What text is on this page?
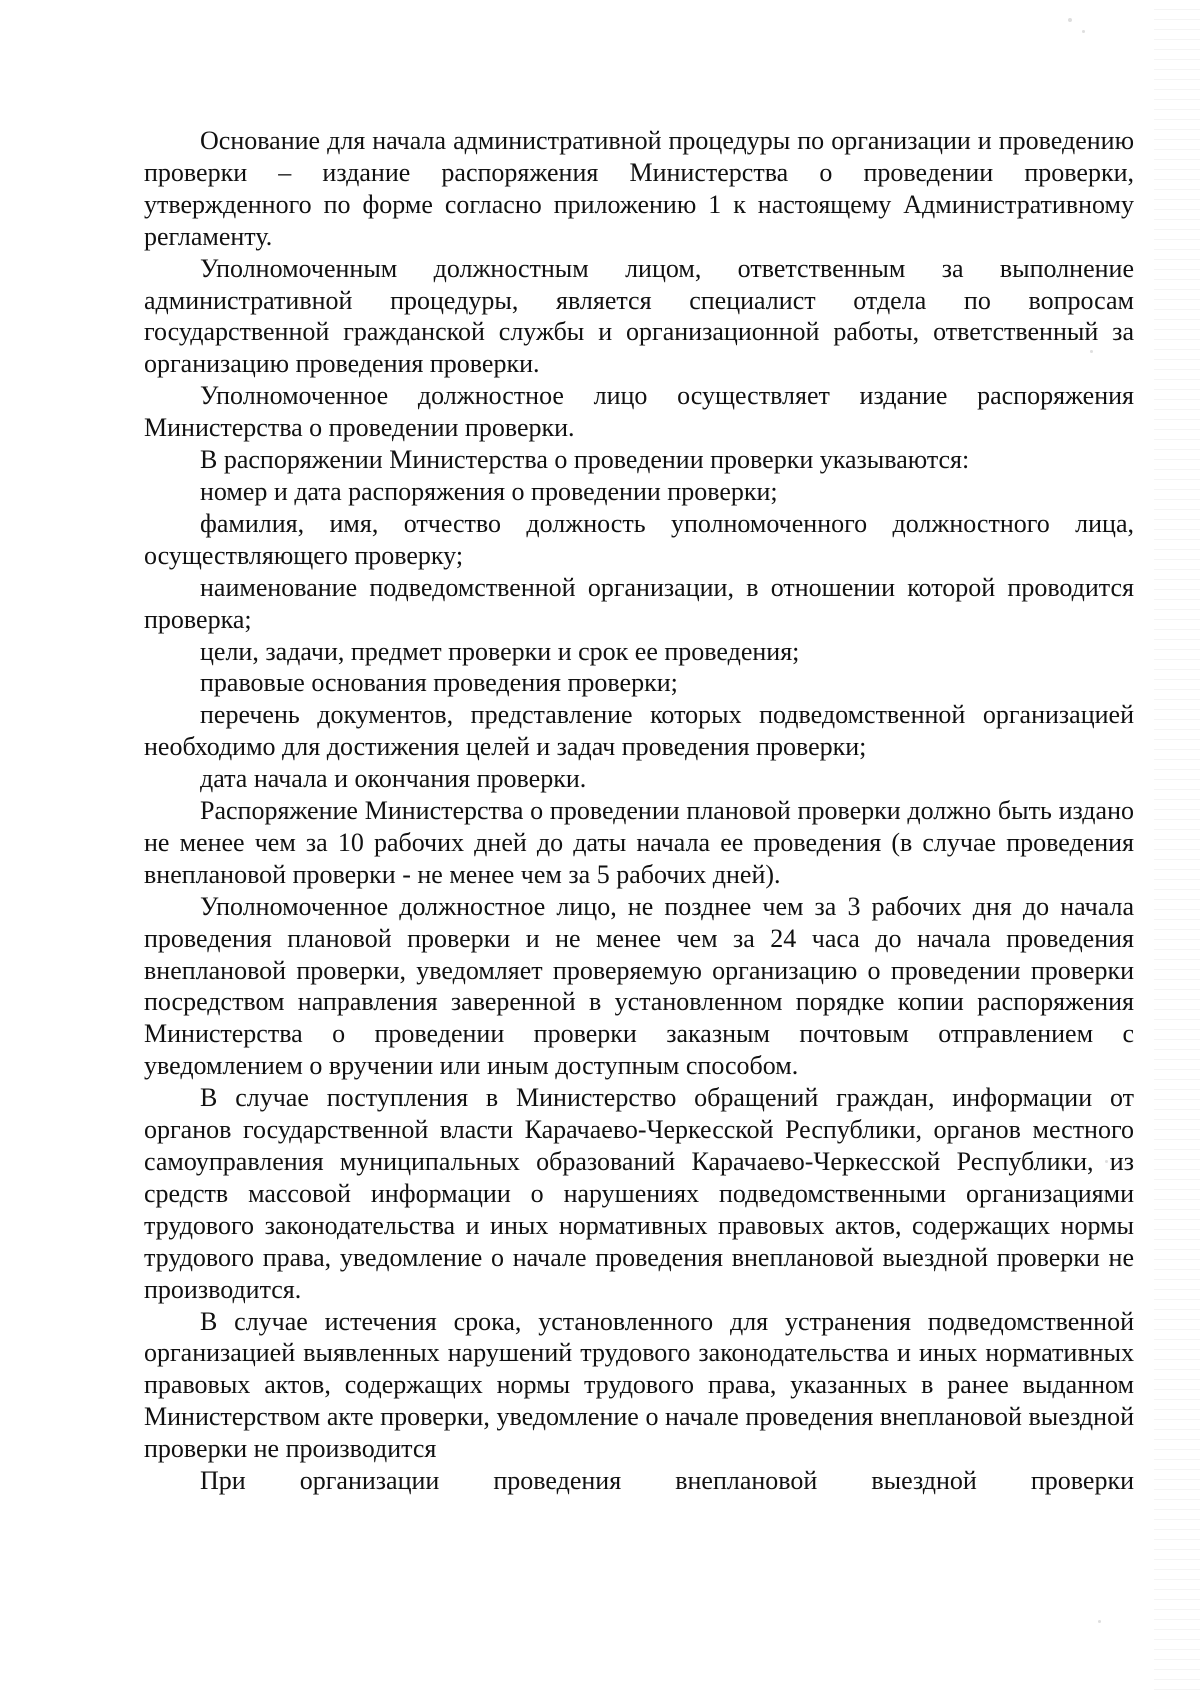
Основание для начала административной процедуры по организации и проведению проверки – издание распоряжения Министерства о проведении проверки, утвержденного по форме согласно приложению 1 к настоящему Административному регламенту.

Уполномоченным должностным лицом, ответственным за выполнение административной процедуры, является специалист отдела по вопросам государственной гражданской службы и организационной работы, ответственный за организацию проведения проверки.

Уполномоченное должностное лицо осуществляет издание распоряжения Министерства о проведении проверки.

В распоряжении Министерства о проведении проверки указываются:

номер и дата распоряжения о проведении проверки;

фамилия, имя, отчество должность уполномоченного должностного лица, осуществляющего проверку;

наименование подведомственной организации, в отношении которой проводится проверка;

цели, задачи, предмет проверки и срок ее проведения;

правовые основания проведения проверки;

перечень документов, представление которых подведомственной организацией необходимо для достижения целей и задач проведения проверки;

дата начала и окончания проверки.

Распоряжение Министерства о проведении плановой проверки должно быть издано не менее чем за 10 рабочих дней до даты начала ее проведения (в случае проведения внеплановой проверки - не менее чем за 5 рабочих дней).

Уполномоченное должностное лицо, не позднее чем за 3 рабочих дня до начала проведения плановой проверки и не менее чем за 24 часа до начала проведения внеплановой проверки, уведомляет проверяемую организацию о проведении проверки посредством направления заверенной в установленном порядке копии распоряжения Министерства о проведении проверки заказным почтовым отправлением с уведомлением о вручении или иным доступным способом.

В случае поступления в Министерство обращений граждан, информации от органов государственной власти Карачаево-Черкесской Республики, органов местного самоуправления муниципальных образований Карачаево-Черкесской Республики, из средств массовой информации о нарушениях подведомственными организациями трудового законодательства и иных нормативных правовых актов, содержащих нормы трудового права, уведомление о начале проведения внеплановой выездной проверки не производится.

В случае истечения срока, установленного для устранения подведомственной организацией выявленных нарушений трудового законодательства и иных нормативных правовых актов, содержащих нормы трудового права, указанных в ранее выданном Министерством акте проверки, уведомление о начале проведения внеплановой выездной проверки не производится

При организации проведения внеплановой выездной проверки
